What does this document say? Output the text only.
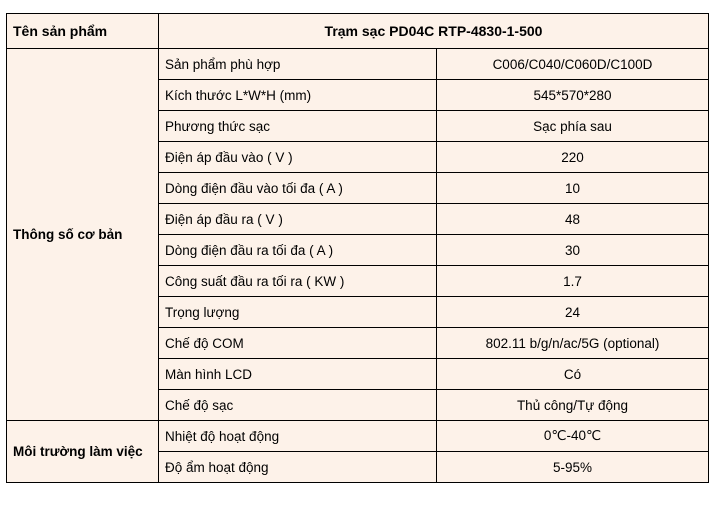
Tên sản phẩm	Trạm sạc PD04C RTP-4830-1-500	
Thông số cơ bản	Sản phẩm phù hợp	C006/C040/C060D/C100D
	Kích thước L*W*H (mm)	545*570*280
	Phương thức sạc	Sạc phía sau
	Điện áp đầu vào ( V )	220
	Dòng điện đầu vào tối đa ( A )	10
	Điện áp đầu ra ( V )	48
	Dòng điện đầu ra tối đa ( A )	30
	Công suất đầu ra tối ra ( KW )	1.7
	Trọng lượng	24
	Chế độ COM	802.11 b/g/n/ac/5G (optional)
	Màn hình LCD	Có
	Chế độ sạc	Thủ công/Tự động
Môi trường làm việc	Nhiệt độ hoạt động	0℃-40℃
	Độ ẩm hoạt động	5-95%
